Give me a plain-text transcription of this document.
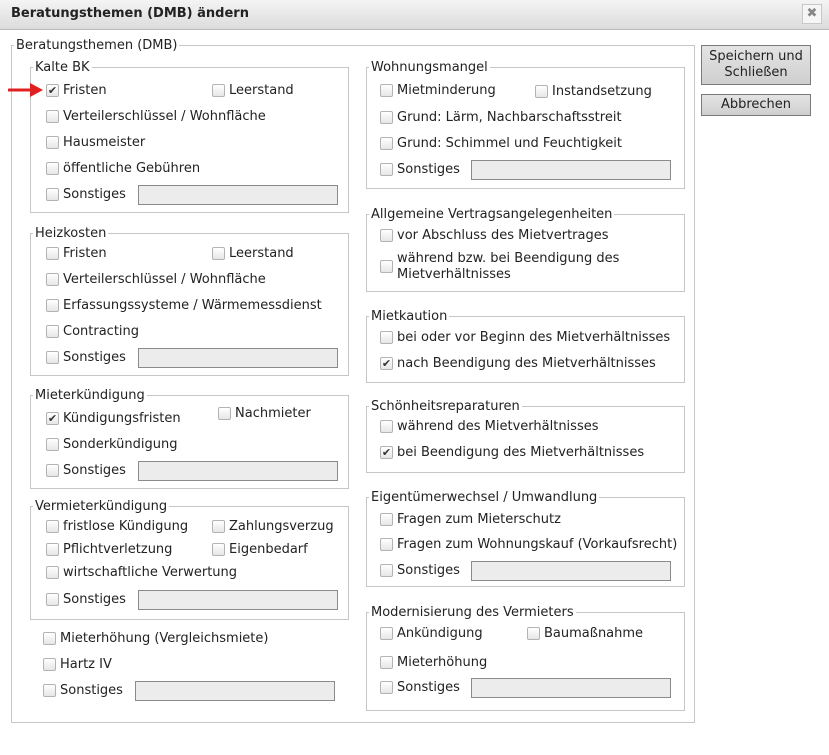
Beratungsthemen (DMB) ändern	✖
Speichern und Schließen
Abbrechen
Beratungsthemen (DMB)
Kalte BK
✔ Fristen	Leerstand
Verteilerschlüssel / Wohnfläche
Hausmeister
öffentliche Gebühren
Sonstiges
Heizkosten
Fristen	Leerstand
Verteilerschlüssel / Wohnfläche
Erfassungssysteme / Wärmemessdienst
Contracting
Sonstiges
Mieterkündigung
✔ Kündigungsfristen	Nachmieter
Sonderkündigung
Sonstiges
Vermieterkündigung
fristlose Kündigung	Zahlungsverzug
Pflichtverletzung	Eigenbedarf
wirtschaftliche Verwertung
Sonstiges
Mieterhöhung (Vergleichsmiete)
Hartz IV
Sonstiges
Wohnungsmangel
Mietminderung	Instandsetzung
Grund: Lärm, Nachbarschaftsstreit
Grund: Schimmel und Feuchtigkeit
Sonstiges
Allgemeine Vertragsangelegenheiten
vor Abschluss des Mietvertrages
während bzw. bei Beendigung des Mietverhältnisses
Mietkaution
bei oder vor Beginn des Mietverhältnisses
✔ nach Beendigung des Mietverhältnisses
Schönheitsreparaturen
während des Mietverhältnisses
✔ bei Beendigung des Mietverhältnisses
Eigentümerwechsel / Umwandlung
Fragen zum Mieterschutz
Fragen zum Wohnungskauf (Vorkaufsrecht)
Sonstiges
Modernisierung des Vermieters
Ankündigung	Baumaßnahme
Mieterhöhung
Sonstiges
